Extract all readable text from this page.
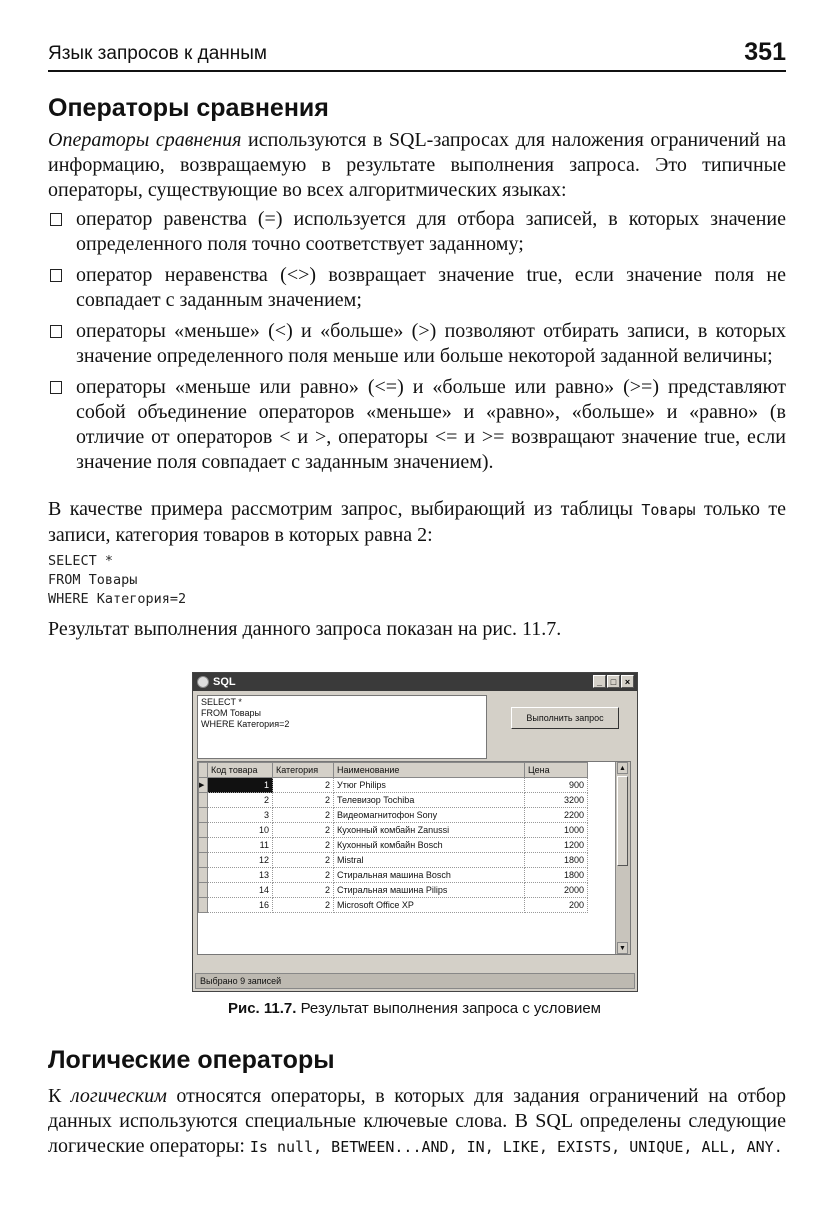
Язык запросов к данным	351
Операторы сравнения

Операторы сравнения используются в SQL-запросах для наложения ограничений на информацию, возвращаемую в результате выполнения запроса. Это типичные операторы, существующие во всех алгоритмических языках:

оператор равенства (=) используется для отбора записей, в которых значение определенного поля точно соответствует заданному;
оператор неравенства (<>) возвращает значение true, если значение поля не совпадает с заданным значением;
операторы «меньше» (<) и «больше» (>) позволяют отбирать записи, в которых значение определенного поля меньше или больше некоторой заданной величины;
операторы «меньше или равно» (<=) и «больше или равно» (>=) представляют собой объединение операторов «меньше» и «равно», «больше» и «равно» (в отличие от операторов < и >, операторы <= и >= возвращают значение true, если значение поля совпадает с заданным значением).

В качестве примера рассмотрим запрос, выбирающий из таблицы Товары только те записи, категория товаров в которых равна 2:

SELECT *
FROM Товары
WHERE Категория=2

Результат выполнения данного запроса показан на рис. 11.7.

SQL	_ □ ×
SELECT *
FROM Товары
WHERE Категория=2
Выполнить запрос
	Код товара	Категория	Наименование	Цена
▶	1	2	Утюг Philips	900
	2	2	Телевизор Tochiba	3200
	3	2	Видеомагнитофон Sony	2200
	10	2	Кухонный комбайн Zanussi	1000
	11	2	Кухонный комбайн Bosch	1200
	12	2	Mistral	1800
	13	2	Стиральная машина Bosch	1800
	14	2	Стиральная машина Pilips	2000
	16	2	Microsoft Office XP	200
▲
▼
Выбрано 9 записей
Рис. 11.7. Результат выполнения запроса с условием
Логические операторы

К логическим относятся операторы, в которых для задания ограничений на отбор данных используются специальные ключевые слова. В SQL определены следующие логические операторы: Is null, BETWEEN...AND, IN, LIKE, EXISTS, UNIQUE, ALL, ANY.
